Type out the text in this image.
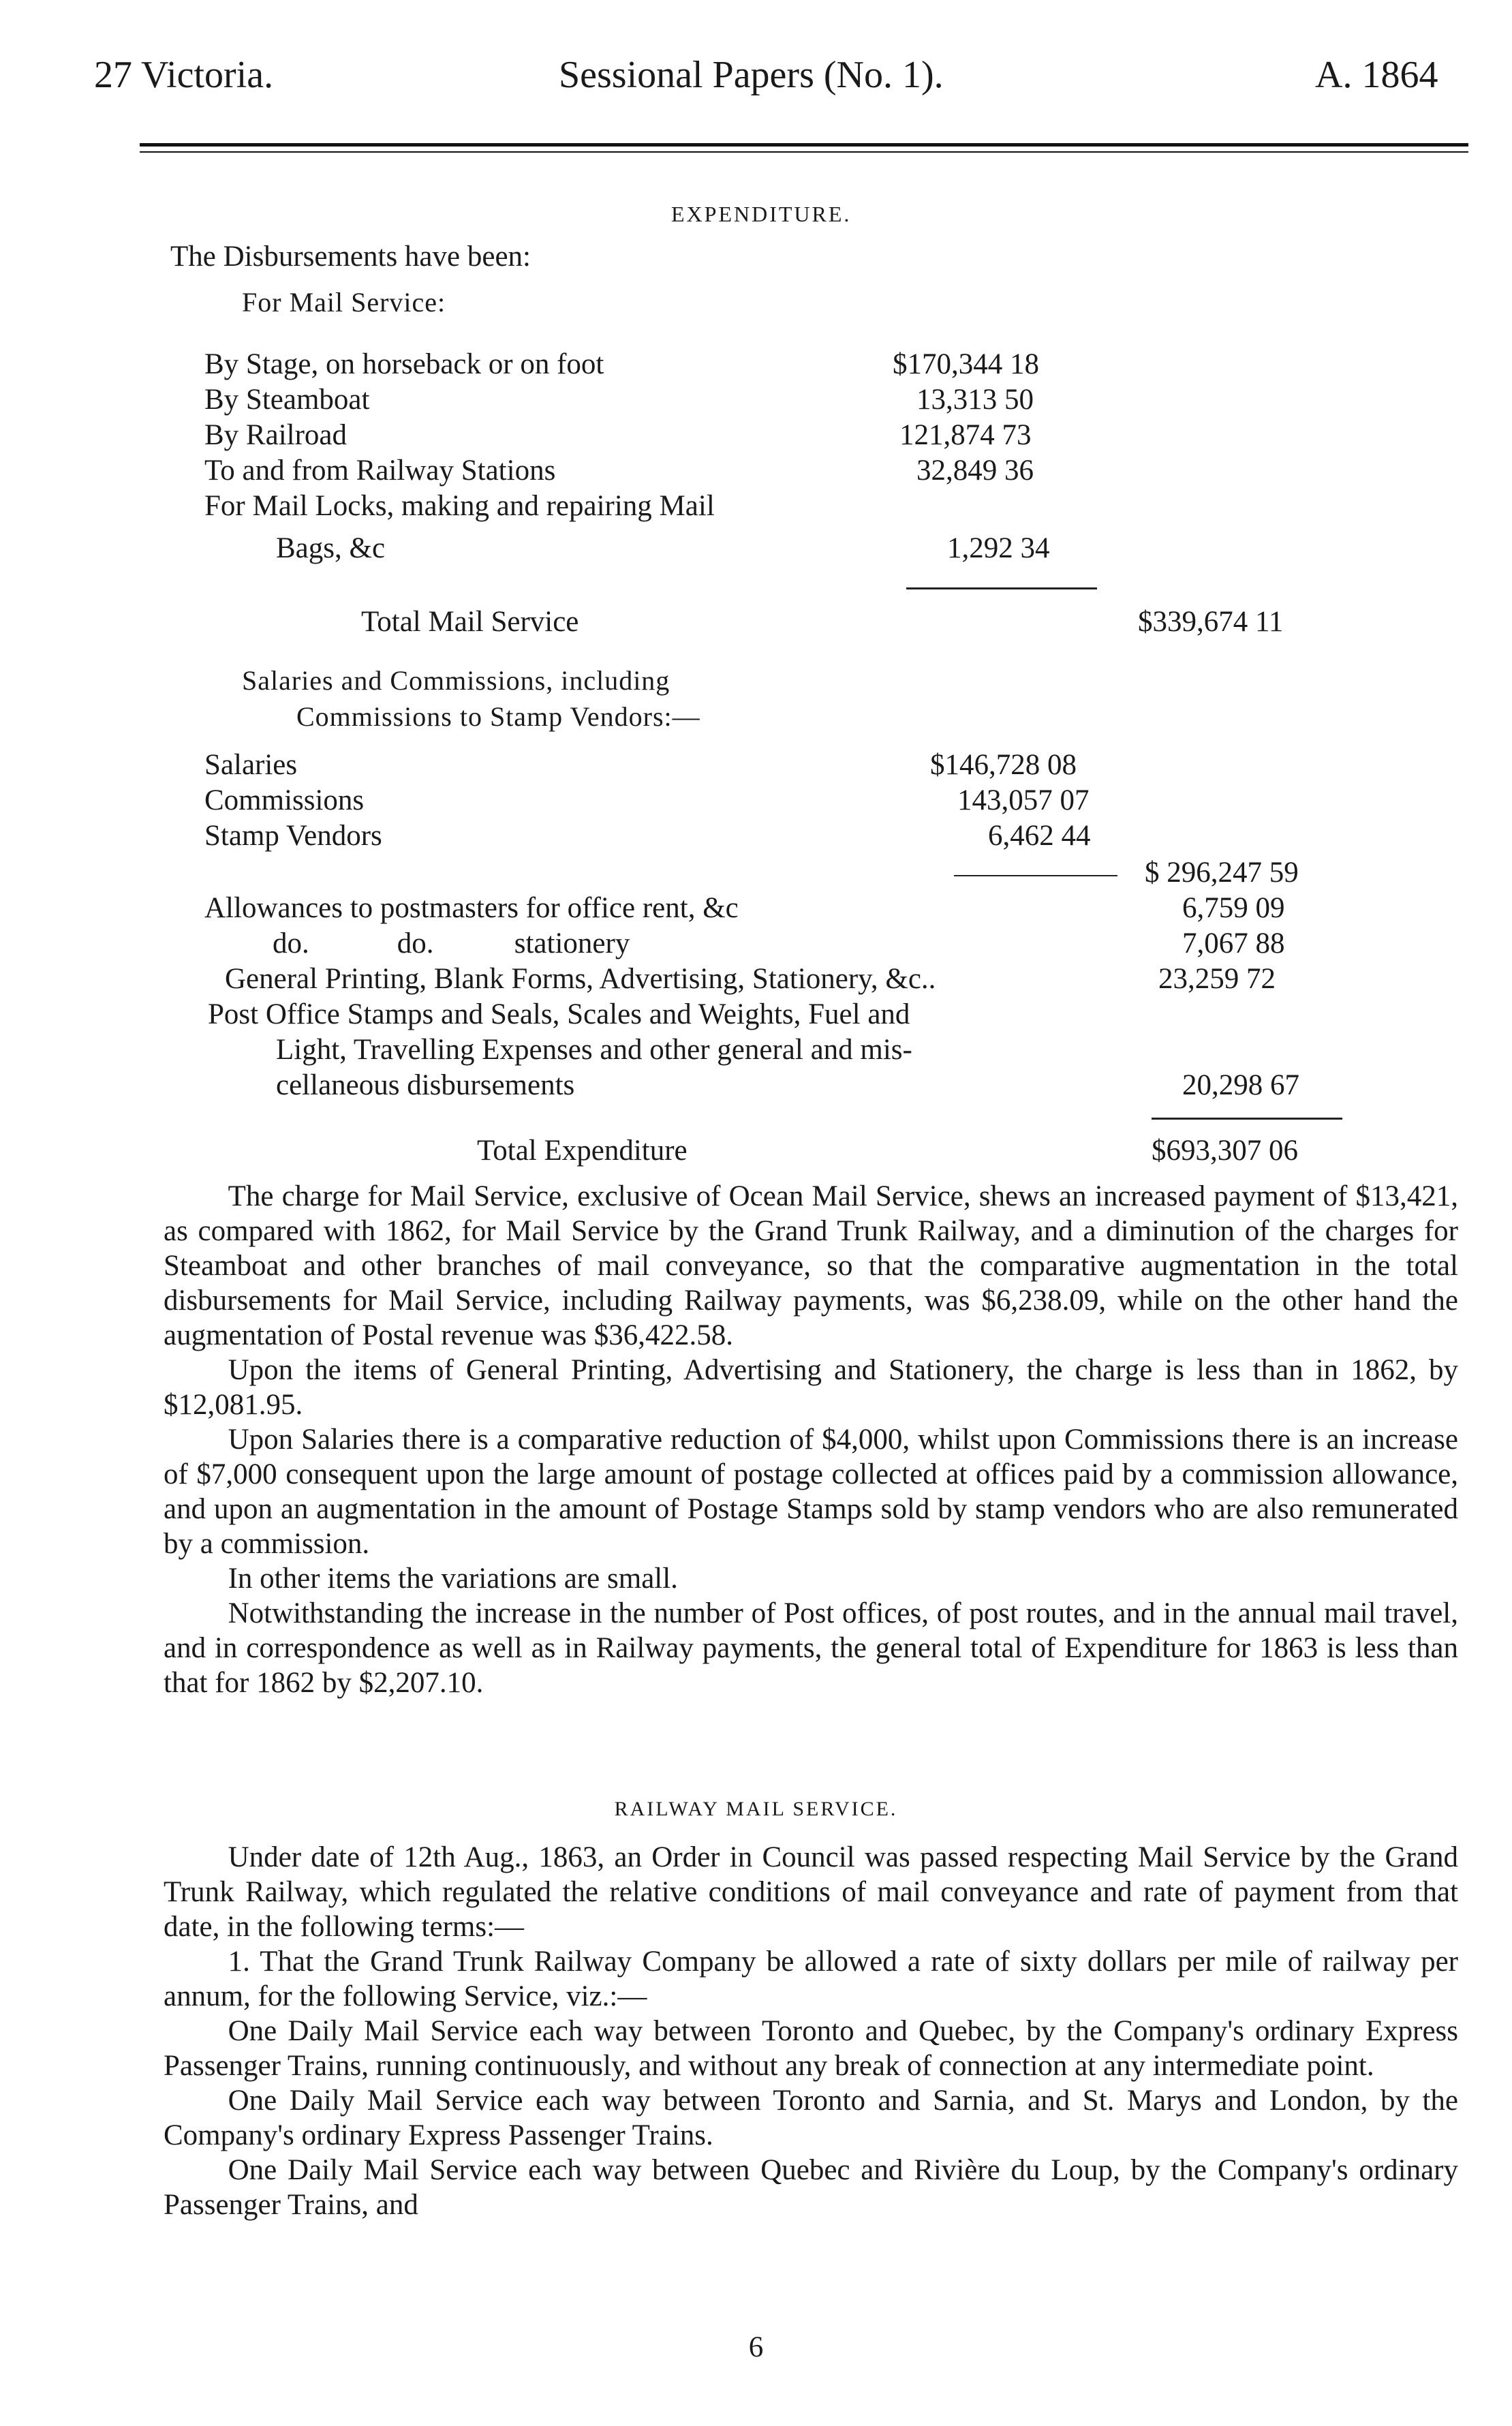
27 Victoria.	Sessional Papers (No. 1).	A. 1864
EXPENDITURE.
The Disbursements have been:
For Mail Service:
By Stage, on horseback or on foot	$170,344 18
By Steamboat	13,313 50
By Railroad	121,874 73
To and from Railway Stations	32,849 36
For Mail Locks, making and repairing Mail
Bags, &c	1,292 34
Total Mail Service	$339,674 11
Salaries and Commissions, including
Commissions to Stamp Vendors:—
Salaries	$146,728 08
Commissions	143,057 07
Stamp Vendors	6,462 44
$ 296,247 59
Allowances to postmasters for office rent, &c	6,759 09
do.            do.           stationery	7,067 88
General Printing, Blank Forms, Advertising, Stationery, &c..	23,259 72
Post Office Stamps and Seals, Scales and Weights, Fuel and
Light, Travelling Expenses and other general and mis-
cellaneous disbursements	20,298 67
Total Expenditure	$693,307 06

The charge for Mail Service, exclusive of Ocean Mail Service, shews an increased payment of $13,421, as compared with 1862, for Mail Service by the Grand Trunk Railway, and a diminution of the charges for Steamboat and other branches of mail conveyance, so that the comparative augmentation in the total disbursements for Mail Service, including Railway payments, was $6,238.09, while on the other hand the augmentation of Postal revenue was $36,422.58.

Upon the items of General Printing, Advertising and Stationery, the charge is less than in 1862, by $12,081.95.

Upon Salaries there is a comparative reduction of $4,000, whilst upon Commissions there is an increase of $7,000 consequent upon the large amount of postage collected at offices paid by a commission allowance, and upon an augmentation in the amount of Postage Stamps sold by stamp vendors who are also remunerated by a commission.

In other items the variations are small.

Notwithstanding the increase in the number of Post offices, of post routes, and in the annual mail travel, and in correspondence as well as in Railway payments, the general total of Expenditure for 1863 is less than that for 1862 by $2,207.10.

RAILWAY MAIL SERVICE.

Under date of 12th Aug., 1863, an Order in Council was passed respecting Mail Service by the Grand Trunk Railway, which regulated the relative conditions of mail conveyance and rate of payment from that date, in the following terms:—

1. That the Grand Trunk Railway Company be allowed a rate of sixty dollars per mile of railway per annum, for the following Service, viz.:—

One Daily Mail Service each way between Toronto and Quebec, by the Company's ordinary Express Passenger Trains, running continuously, and without any break of connection at any intermediate point.

One Daily Mail Service each way between Toronto and Sarnia, and St. Marys and London, by the Company's ordinary Express Passenger Trains.

One Daily Mail Service each way between Quebec and Rivière du Loup, by the Company's ordinary Passenger Trains, and

6
